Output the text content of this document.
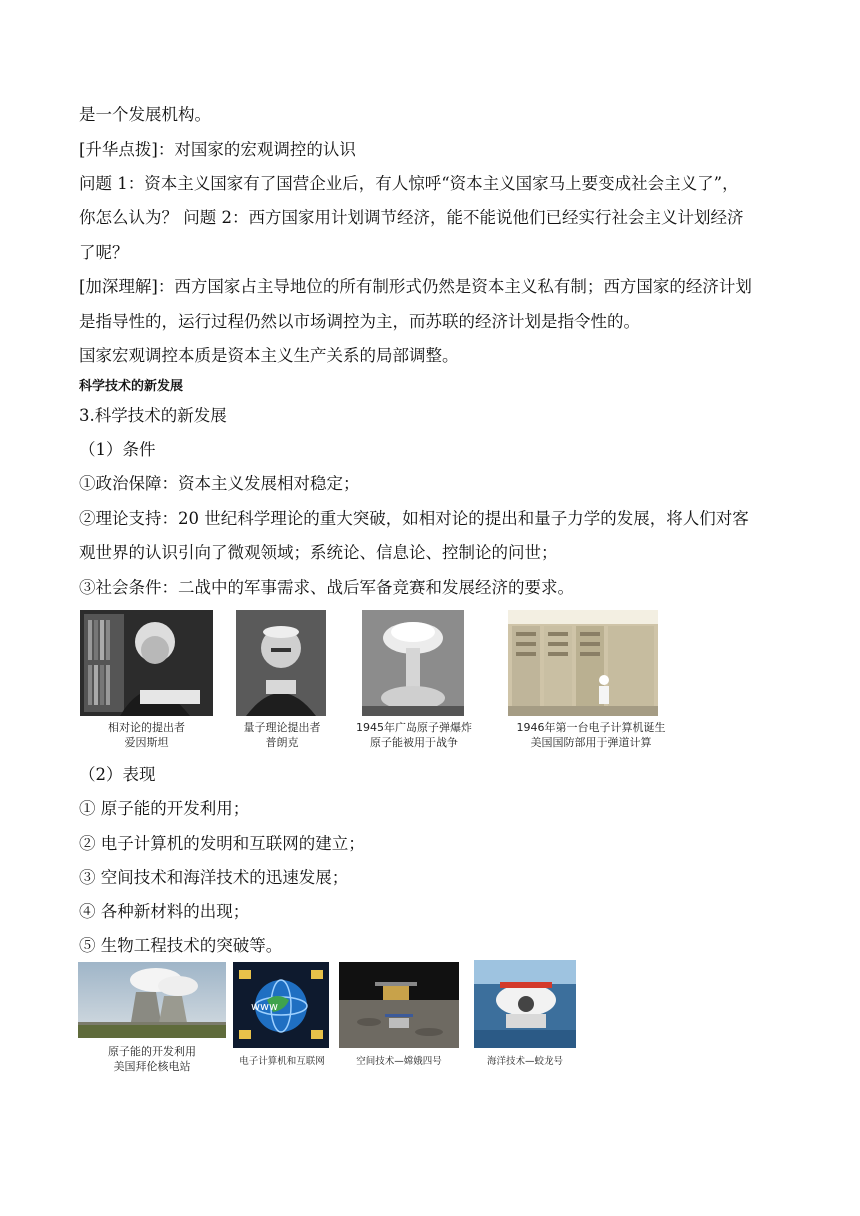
是一个发展机构。
[升华点拨]：对国家的宏观调控的认识
问题 1：资本主义国家有了国营企业后，有人惊呼“资本主义国家马上要变成社会主义了”，
你怎么认为？ 问题 2：西方国家用计划调节经济，能不能说他们已经实行社会主义计划经济
了呢？
[加深理解]：西方国家占主导地位的所有制形式仍然是资本主义私有制；西方国家的经济计划
是指导性的，运行过程仍然以市场调控为主，而苏联的经济计划是指令性的。
国家宏观调控本质是资本主义生产关系的局部调整。
科学技术的新发展
3.科学技术的新发展
（1）条件
①政治保障：资本主义发展相对稳定；
②理论支持：20 世纪科学理论的重大突破，如相对论的提出和量子力学的发展，将人们对客
观世界的认识引向了微观领域；系统论、信息论、控制论的问世；
③社会条件：二战中的军事需求、战后军备竞赛和发展经济的要求。
相对论的提出者
爱因斯坦
量子理论提出者
普朗克
1945年广岛原子弹爆炸
原子能被用于战争
1946年第一台电子计算机诞生
美国国防部用于弹道计算
（2）表现
① 原子能的开发利用；
② 电子计算机的发明和互联网的建立；
③ 空间技术和海洋技术的迅速发展；
④ 各种新材料的出现；
⑤ 生物工程技术的突破等。
原子能的开发利用
美国拜伦核电站
www
电子计算机和互联网	空间技术—嫦娥四号	海洋技术—蛟龙号
